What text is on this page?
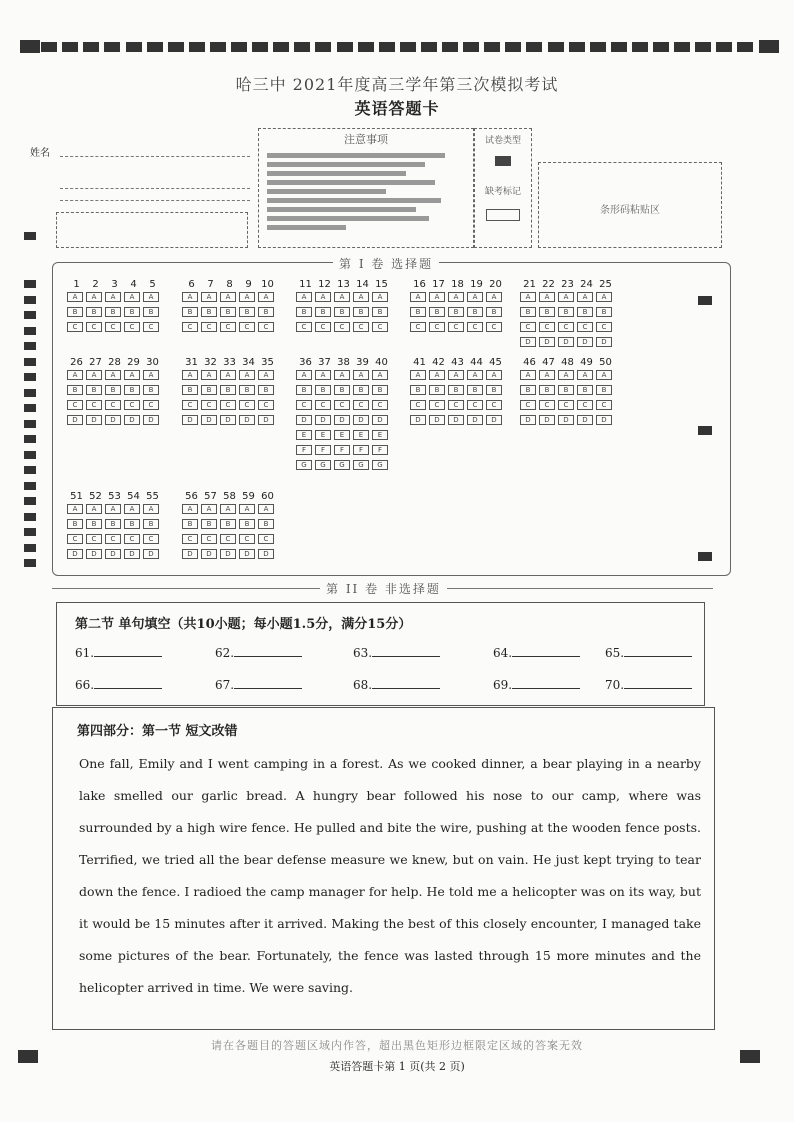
哈三中 2021年度高三学年第三次模拟考试
英语答题卡
姓名
注意事项	试卷类型
缺考标记
条形码粘贴区
第 I 卷 选择题
1	2	3	4	5
A	A	A	A	A
B	B	B	B	B
C	C	C	C	C
6	7	8	9 10
A	A	A	A	A
B	B	B	B	B
C	C	C	C	C
11 12 13 14 15
A	A	A	A	A
B	B	B	B	B
C	C	C	C	C
16 17 18 19 20
A	A	A	A	A
B	B	B	B	B
C	C	C	C	C
21 22 23 24 25
A	A	A	A	A
B	B	B	B	B
C	C	C	C	C
D	D	D	D	D
26 27 28 29 30
A	A	A	A	A
B	B	B	B	B
C	C	C	C	C
D	D	D	D	D
31 32 33 34 35
A	A	A	A	A
B	B	B	B	B
C	C	C	C	C
D	D	D	D	D
36 37 38 39 40
A	A	A	A	A
B	B	B	B	B
C	C	C	C	C
D	D	D	D	D
E	E	E	E	E
F	F	F	F	F
G	G	G	G	G
41 42 43 44 45
A	A	A	A	A
B	B	B	B	B
C	C	C	C	C
D	D	D	D	D
46 47 48 49 50
A	A	A	A	A
B	B	B	B	B
C	C	C	C	C
D	D	D	D	D
51 52 53 54 55
A	A	A	A	A
B	B	B	B	B
C	C	C	C	C
D	D	D	D	D
56 57 58 59 60
A	A	A	A	A
B	B	B	B	B
C	C	C	C	C
D	D	D	D	D
第 II 卷 非选择题
第二节 单句填空（共10小题；每小题1.5分，满分15分）
61.	62.	63.	64.	65.
66.	67.	68.	69.	70.
第四部分：第一节 短文改错
One fall, Emily and I went camping in a forest. As we cooked dinner, a bear playing in a nearby lake smelled our garlic bread. A hungry bear followed his nose to our camp, where was surrounded by a high wire fence. He pulled and bite the wire, pushing at the wooden fence posts. Terrified, we tried all the bear defense measure we knew, but on vain. He just kept trying to tear down the fence. I radioed the camp manager for help. He told me a helicopter was on its way, but it would be 15 minutes after it arrived. Making the best of this closely encounter, I managed take some pictures of the bear. Fortunately, the fence was lasted through 15 more minutes and the helicopter arrived in time. We were saving.
请在各题目的答题区域内作答，超出黑色矩形边框限定区域的答案无效
英语答题卡第 1 页(共 2 页)
